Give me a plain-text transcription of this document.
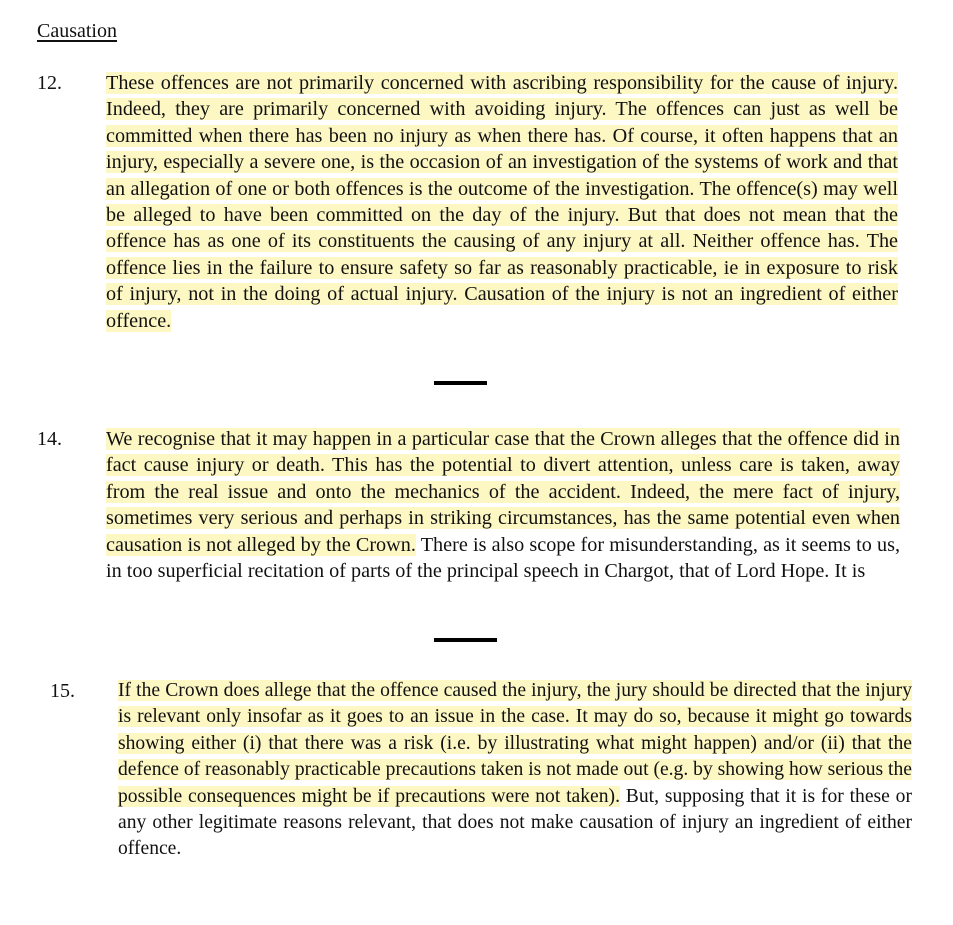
Causation
12. These offences are not primarily concerned with ascribing responsibility for the cause of injury. Indeed, they are primarily concerned with avoiding injury. The offences can just as well be committed when there has been no injury as when there has. Of course, it often happens that an injury, especially a severe one, is the occasion of an investigation of the systems of work and that an allegation of one or both offences is the outcome of the investigation. The offence(s) may well be alleged to have been committed on the day of the injury. But that does not mean that the offence has as one of its constituents the causing of any injury at all. Neither offence has. The offence lies in the failure to ensure safety so far as reasonably practicable, ie in exposure to risk of injury, not in the doing of actual injury. Causation of the injury is not an ingredient of either offence.

14. We recognise that it may happen in a particular case that the Crown alleges that the offence did in fact cause injury or death. This has the potential to divert attention, unless care is taken, away from the real issue and onto the mechanics of the accident. Indeed, the mere fact of injury, sometimes very serious and perhaps in striking circumstances, has the same potential even when causation is not alleged by the Crown. There is also scope for misunderstanding, as it seems to us, in too superficial recitation of parts of the principal speech in Chargot, that of Lord Hope. It is

15. If the Crown does allege that the offence caused the injury, the jury should be directed that the injury is relevant only insofar as it goes to an issue in the case. It may do so, because it might go towards showing either (i) that there was a risk (i.e. by illustrating what might happen) and/or (ii) that the defence of reasonably practicable precautions taken is not made out (e.g. by showing how serious the possible consequences might be if precautions were not taken). But, supposing that it is for these or any other legitimate reasons relevant, that does not make causation of injury an ingredient of either offence.
